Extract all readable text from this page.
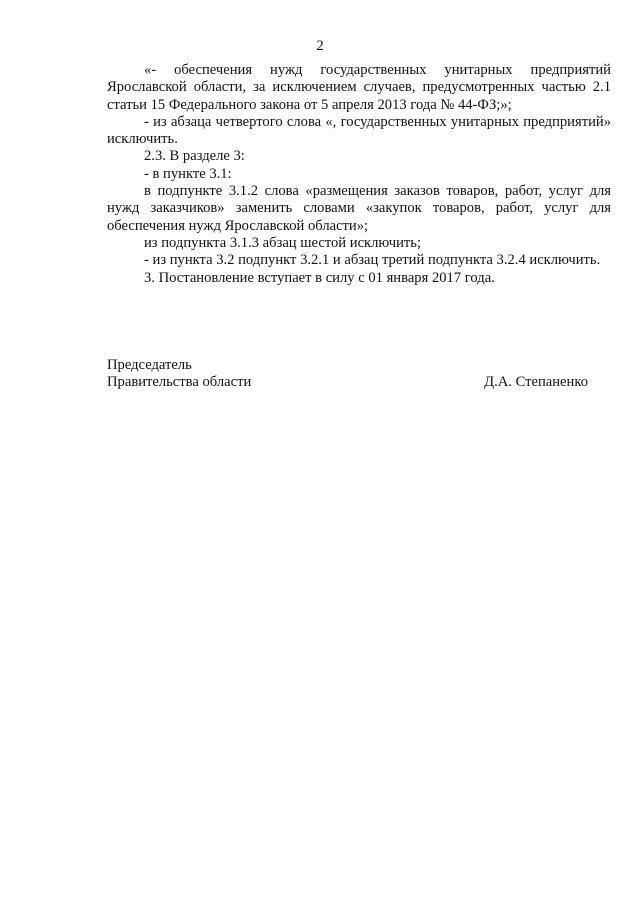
2

«- обеспечения нужд государственных унитарных предприятий Ярославской области, за исключением случаев, предусмотренных частью 2.1 статьи 15 Федерального закона от 5 апреля 2013 года № 44-ФЗ;»;

- из абзаца четвертого слова «, государственных унитарных предприятий» исключить.

2.3. В разделе 3:

- в пункте 3.1:

в подпункте 3.1.2 слова «размещения заказов товаров, работ, услуг для нужд заказчиков» заменить словами «закупок товаров, работ, услуг для обеспечения нужд Ярославской области»;

из подпункта 3.1.3 абзац шестой исключить;

- из пункта 3.2 подпункт 3.2.1 и абзац третий подпункта 3.2.4 исключить.

3. Постановление вступает в силу с 01 января 2017 года.

Председатель
Правительства области	Д.А. Степаненко
